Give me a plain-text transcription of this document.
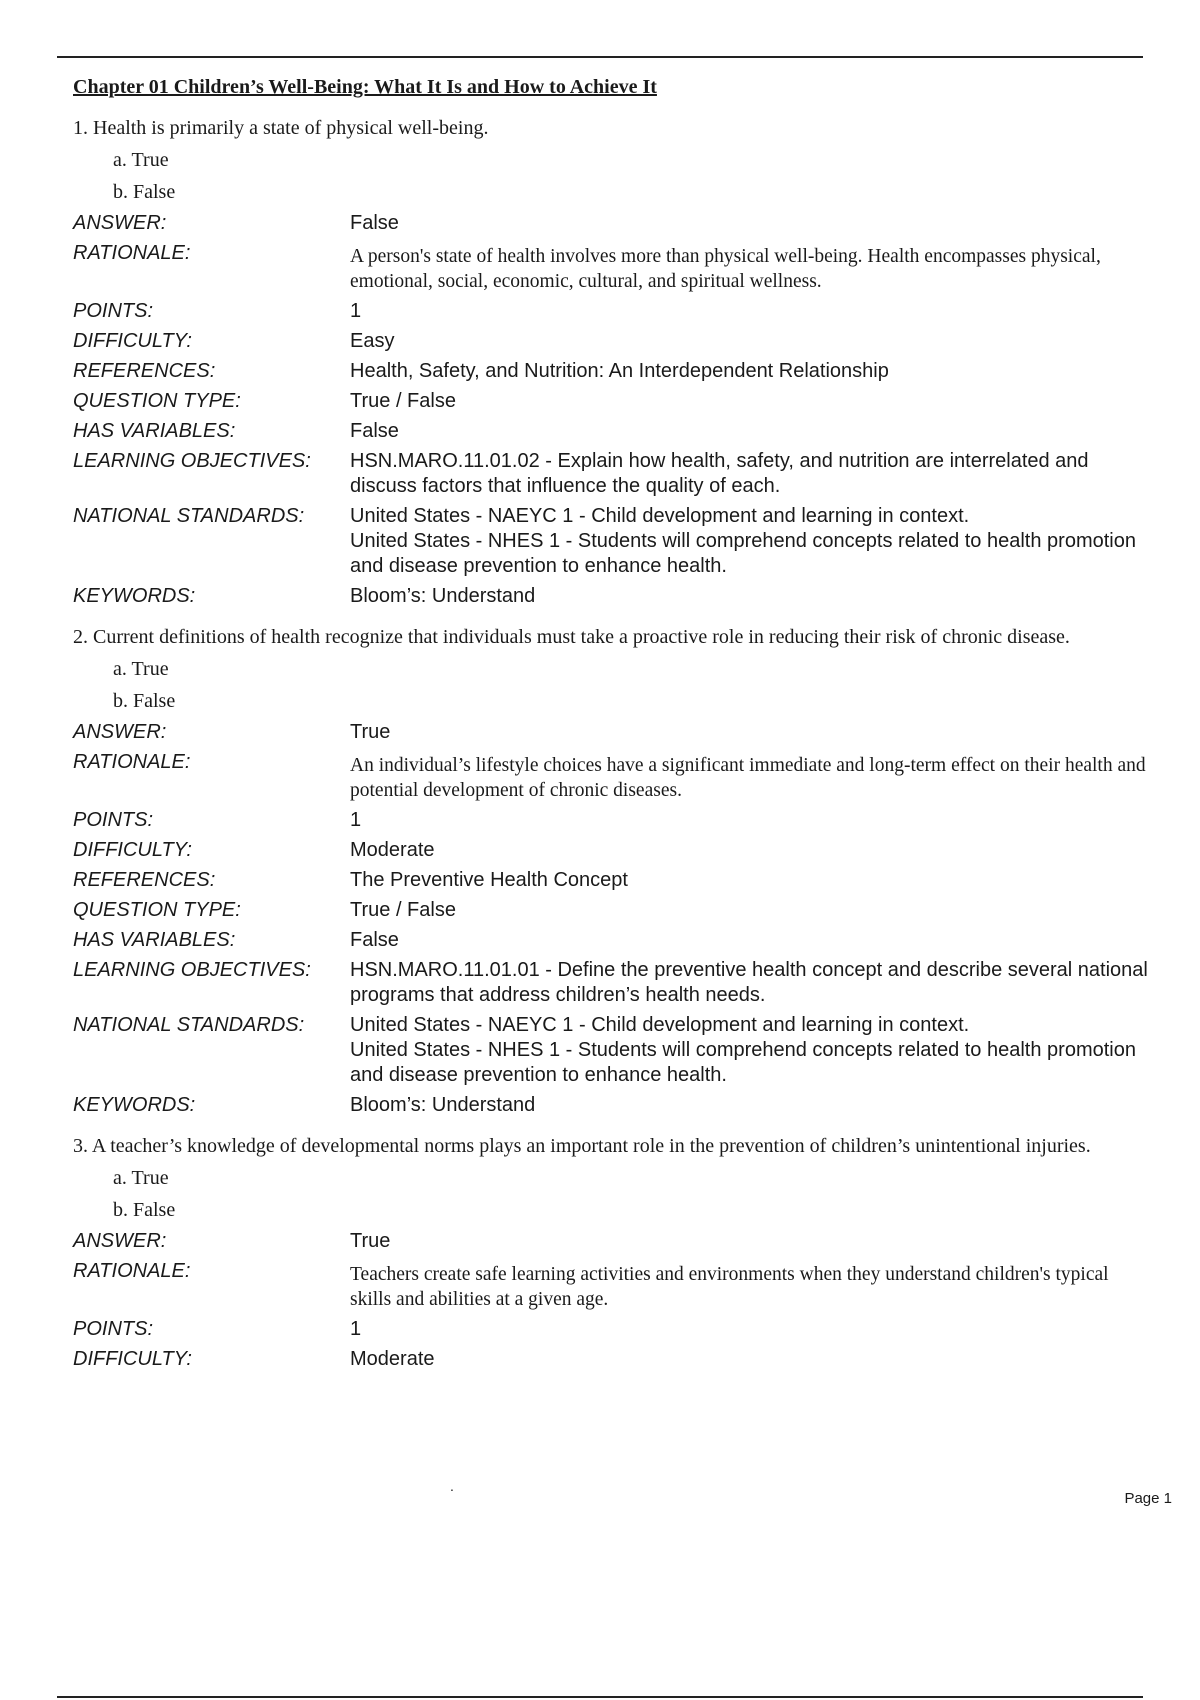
Chapter 01 Children’s Well-Being: What It Is and How to Achieve It
1. Health is primarily a state of physical well-being.
a. True
b. False
ANSWER:	False
RATIONALE:	A person's state of health involves more than physical well-being. Health encompasses physical, emotional, social, economic, cultural, and spiritual wellness.
POINTS:	1
DIFFICULTY:	Easy
REFERENCES:	Health, Safety, and Nutrition: An Interdependent Relationship
QUESTION TYPE:	True / False
HAS VARIABLES:	False
LEARNING OBJECTIVES:	HSN.MARO.11.01.02 - Explain how health, safety, and nutrition are interrelated and discuss factors that influence the quality of each.
NATIONAL STANDARDS:	United States - NAEYC 1 - Child development and learning in context.
United States - NHES 1 - Students will comprehend concepts related to health promotion and disease prevention to enhance health.
KEYWORDS:	Bloom’s: Understand
2. Current definitions of health recognize that individuals must take a proactive role in reducing their risk of chronic disease.
a. True
b. False
ANSWER:	True
RATIONALE:	An individual’s lifestyle choices have a significant immediate and long-term effect on their health and potential development of chronic diseases.
POINTS:	1
DIFFICULTY:	Moderate
REFERENCES:	The Preventive Health Concept
QUESTION TYPE:	True / False
HAS VARIABLES:	False
LEARNING OBJECTIVES:	HSN.MARO.11.01.01 - Define the preventive health concept and describe several national programs that address children’s health needs.
NATIONAL STANDARDS:	United States - NAEYC 1 - Child development and learning in context.
United States - NHES 1 - Students will comprehend concepts related to health promotion and disease prevention to enhance health.
KEYWORDS:	Bloom’s: Understand
3. A teacher’s knowledge of developmental norms plays an important role in the prevention of children’s unintentional injuries.
a. True
b. False
ANSWER:	True
RATIONALE:	Teachers create safe learning activities and environments when they understand children's typical skills and abilities at a given age.
POINTS:	1
DIFFICULTY:	Moderate
.
Page 1
